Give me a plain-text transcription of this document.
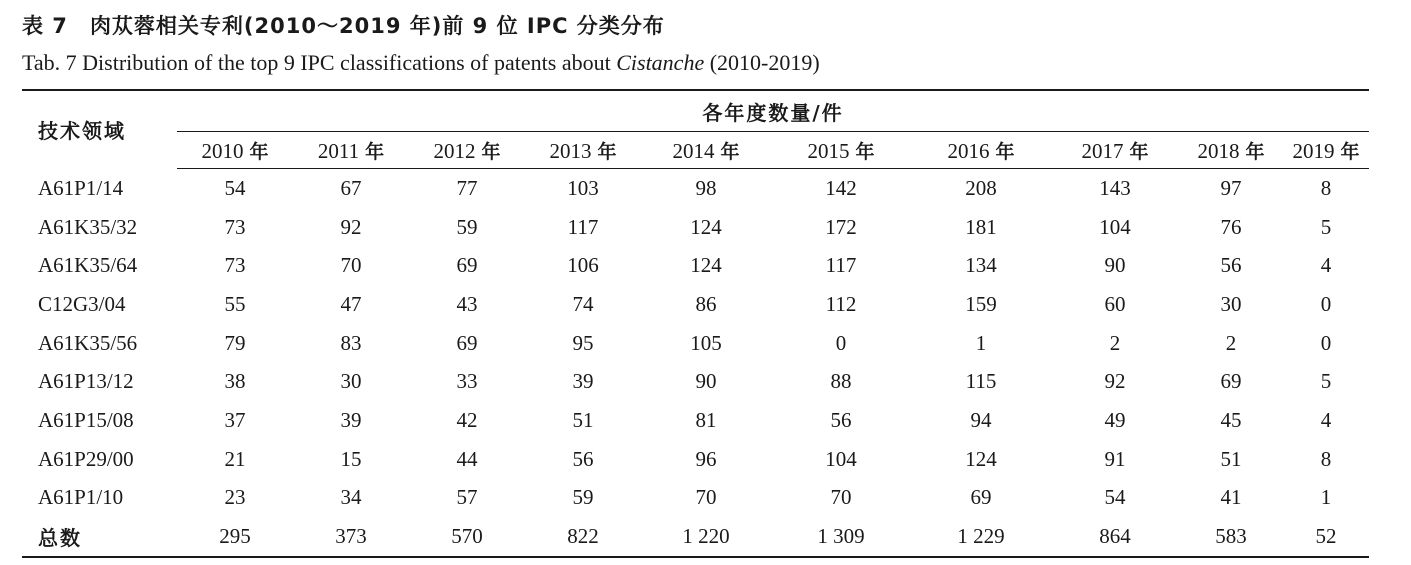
表 7 肉苁蓉相关专利(2010～2019 年)前 9 位 IPC 分类分布
Tab. 7 Distribution of the top 9 IPC classifications of patents about Cistanche (2010-2019)
技术领域	各年度数量/件									
	2010 年	2011 年	2012 年	2013 年	2014 年	2015 年	2016 年	2017 年	2018 年	2019 年
A61P1/14	54	67	77	103	98	142	208	143	97	8
A61K35/32	73	92	59	117	124	172	181	104	76	5
A61K35/64	73	70	69	106	124	117	134	90	56	4
C12G3/04	55	47	43	74	86	112	159	60	30	0
A61K35/56	79	83	69	95	105	0	1	2	2	0
A61P13/12	38	30	33	39	90	88	115	92	69	5
A61P15/08	37	39	42	51	81	56	94	49	45	4
A61P29/00	21	15	44	56	96	104	124	91	51	8
A61P1/10	23	34	57	59	70	70	69	54	41	1
总数	295	373	570	822	1 220	1 309	1 229	864	583	52
